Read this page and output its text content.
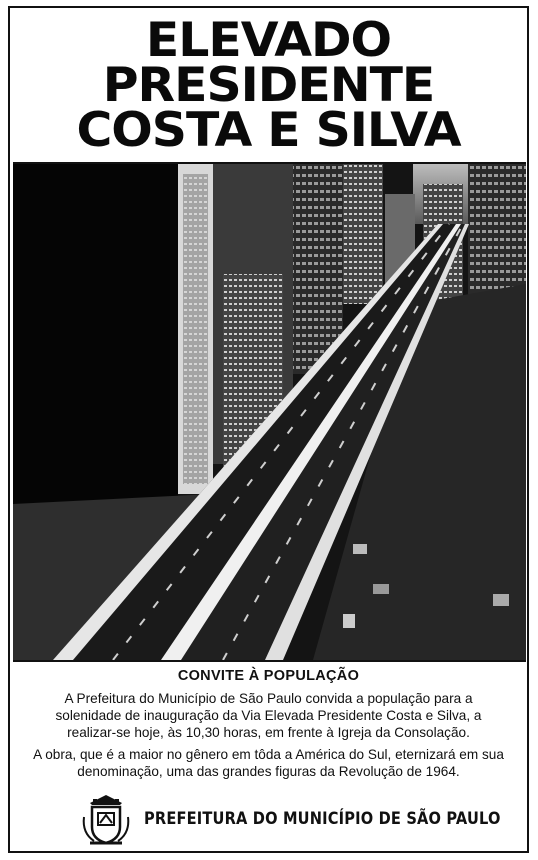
ELEVADO
PRESIDENTE
COSTA E SILVA
CONVITE À POPULAÇÃO
A Prefeitura do Município de São Paulo convida a população para a solenidade de inauguração da Via Elevada Presidente Costa e Silva, a realizar-se hoje, às 10,30 horas, em frente à Igreja da Consolação.
A obra, que é a maior no gênero em tôda a América do Sul, eternizará em sua denominação, uma das grandes figuras da Revolução de 1964.
PREFEITURA DO MUNICÍPIO DE SÃO PAULO
